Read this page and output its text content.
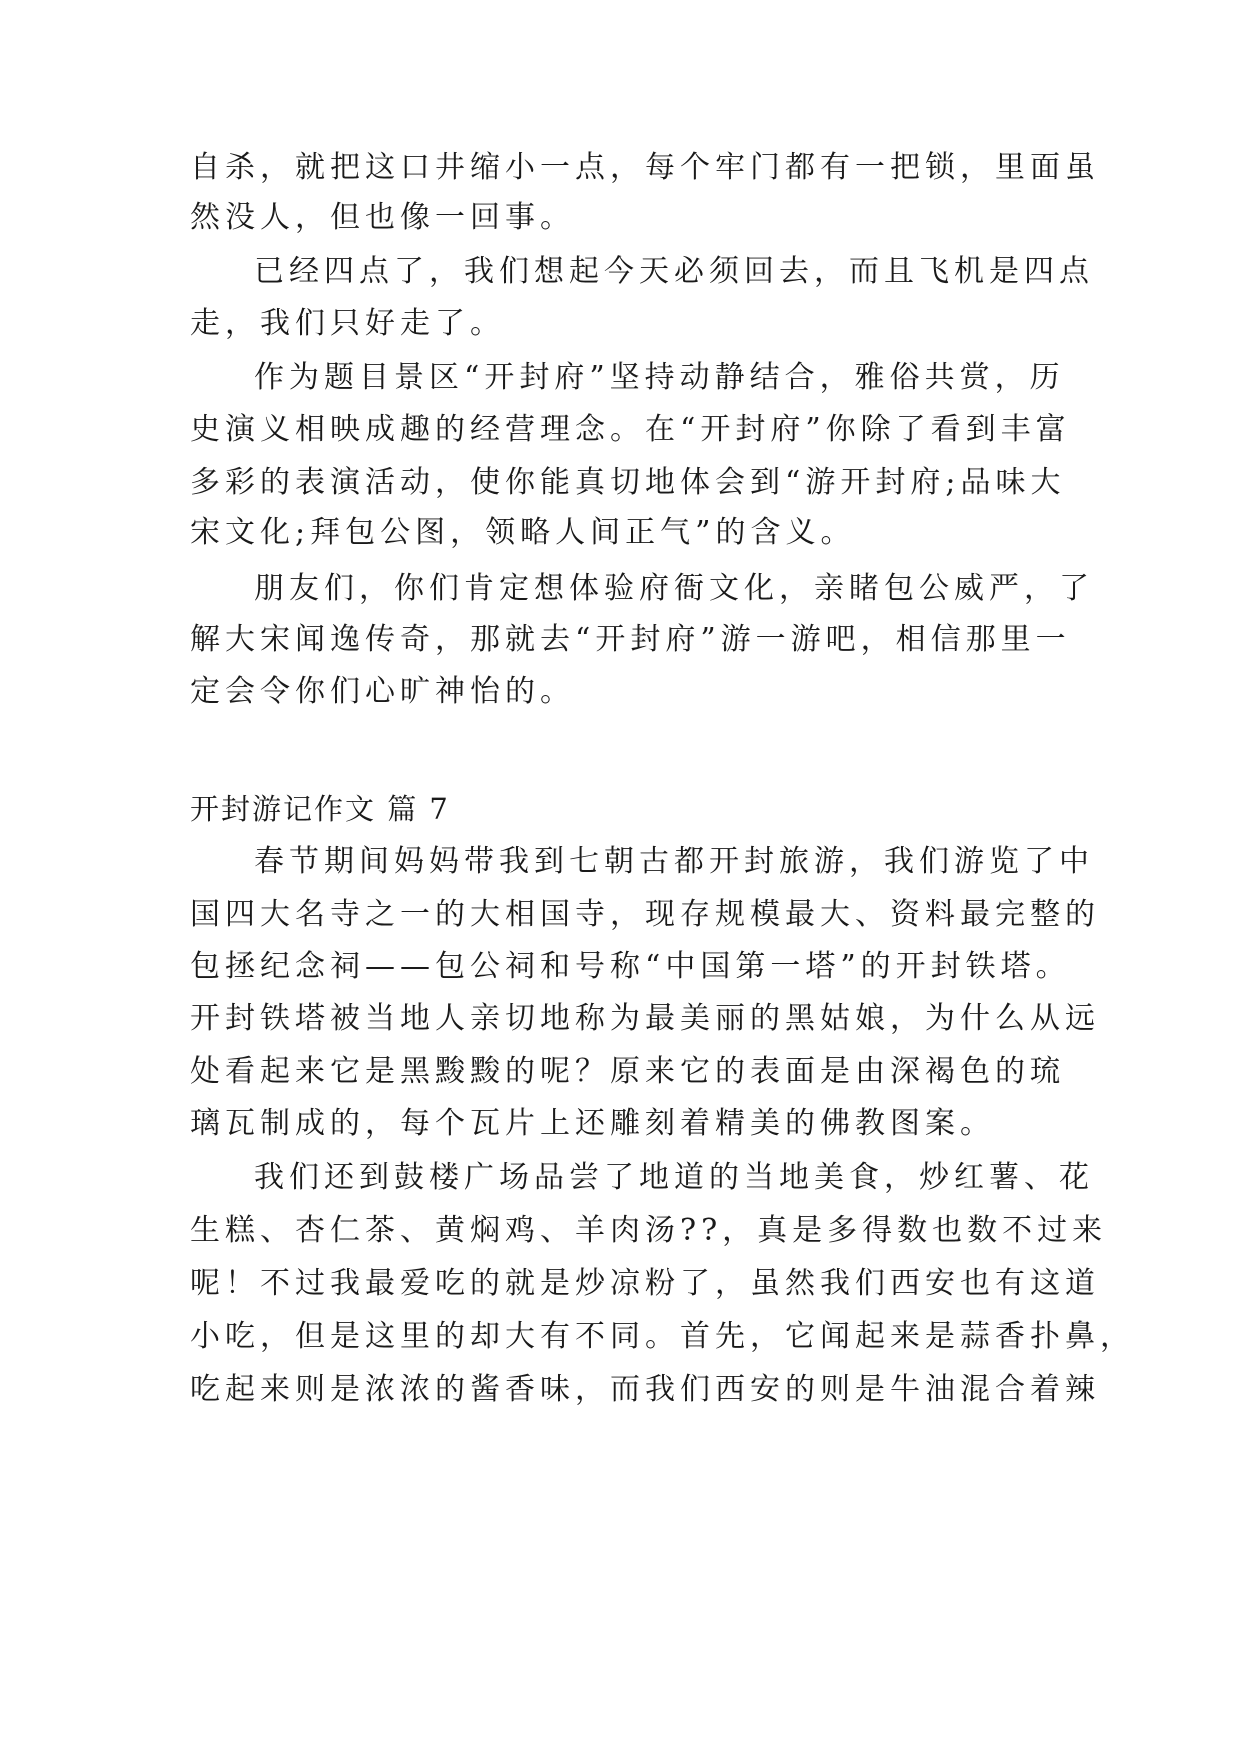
自杀，就把这口井缩小一点，每个牢门都有一把锁，里面虽
然没人，但也像一回事。
已经四点了，我们想起今天必须回去，而且飞机是四点
走，我们只好走了。
作为题目景区“开封府”坚持动静结合，雅俗共赏，历
史演义相映成趣的经营理念。在“开封府”你除了看到丰富
多彩的表演活动，使你能真切地体会到“游开封府;品味大
宋文化;拜包公图，领略人间正气”的含义。
朋友们，你们肯定想体验府衙文化，亲睹包公威严，了
解大宋闻逸传奇，那就去“开封府”游一游吧，相信那里一
定会令你们心旷神怡的。
开封游记作文 篇 7
春节期间妈妈带我到七朝古都开封旅游，我们游览了中
国四大名寺之一的大相国寺，现存规模最大、资料最完整的
包拯纪念祠——包公祠和号称“中国第一塔”的开封铁塔。
开封铁塔被当地人亲切地称为最美丽的黑姑娘，为什么从远
处看起来它是黑黢黢的呢？原来它的表面是由深褐色的琉
璃瓦制成的，每个瓦片上还雕刻着精美的佛教图案。
我们还到鼓楼广场品尝了地道的当地美食，炒红薯、花
生糕、杏仁茶、黄焖鸡、羊肉汤??，真是多得数也数不过来
呢！不过我最爱吃的就是炒凉粉了，虽然我们西安也有这道
小吃，但是这里的却大有不同。首先，它闻起来是蒜香扑鼻，
吃起来则是浓浓的酱香味，而我们西安的则是牛油混合着辣
